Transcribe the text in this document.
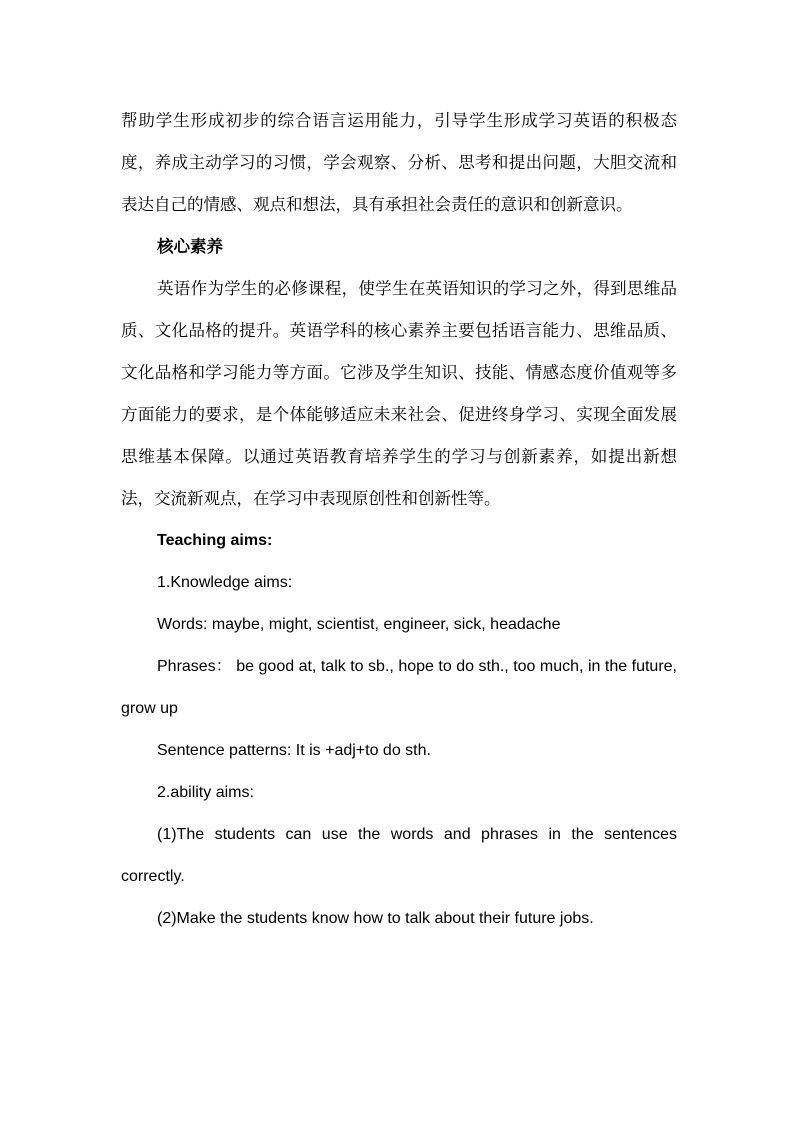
帮助学生形成初步的综合语言运用能力，引导学生形成学习英语的积极态度，养成主动学习的习惯，学会观察、分析、思考和提出问题，大胆交流和表达自己的情感、观点和想法，具有承担社会责任的意识和创新意识。

核心素养

英语作为学生的必修课程，使学生在英语知识的学习之外，得到思维品质、文化品格的提升。英语学科的核心素养主要包括语言能力、思维品质、文化品格和学习能力等方面。它涉及学生知识、技能、情感态度价值观等多方面能力的要求，是个体能够适应未来社会、促进终身学习、实现全面发展思维基本保障。以通过英语教育培养学生的学习与创新素养，如提出新想法，交流新观点，在学习中表现原创性和创新性等。

Teaching aims:

1.Knowledge aims:

Words: maybe, might, scientist, engineer, sick, headache

Phrases： be good at, talk to sb., hope to do sth., too much, in the future, grow up

Sentence patterns: It is +adj+to do sth.

2.ability aims:

(1)The students can use the words and phrases in the sentences correctly.

(2)Make the students know how to talk about their future jobs.
